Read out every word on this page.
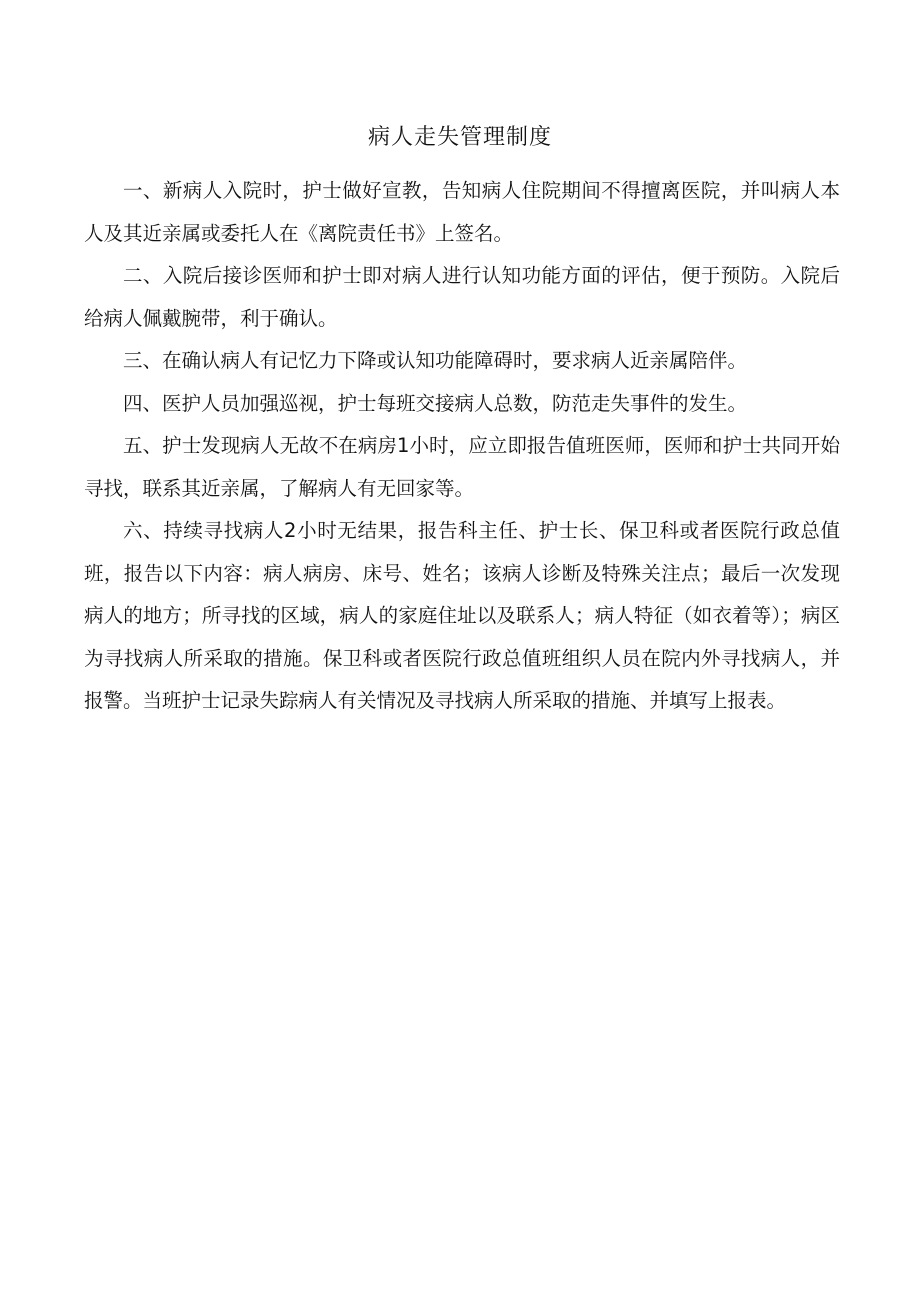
病人走失管理制度

一、新病人入院时，护士做好宣教，告知病人住院期间不得擅离医院，并叫病人本人及其近亲属或委托人在《离院责任书》上签名。

二、入院后接诊医师和护士即对病人进行认知功能方面的评估，便于预防。入院后给病人佩戴腕带，利于确认。

三、在确认病人有记忆力下降或认知功能障碍时，要求病人近亲属陪伴。

四、医护人员加强巡视，护士每班交接病人总数，防范走失事件的发生。

五、护士发现病人无故不在病房1小时，应立即报告值班医师，医师和护士共同开始寻找，联系其近亲属，了解病人有无回家等。

六、持续寻找病人2小时无结果，报告科主任、护士长、保卫科或者医院行政总值班，报告以下内容：病人病房、床号、姓名；该病人诊断及特殊关注点；最后一次发现病人的地方；所寻找的区域，病人的家庭住址以及联系人；病人特征（如衣着等）；病区为寻找病人所采取的措施。保卫科或者医院行政总值班组织人员在院内外寻找病人，并报警。当班护士记录失踪病人有关情况及寻找病人所采取的措施、并填写上报表。
